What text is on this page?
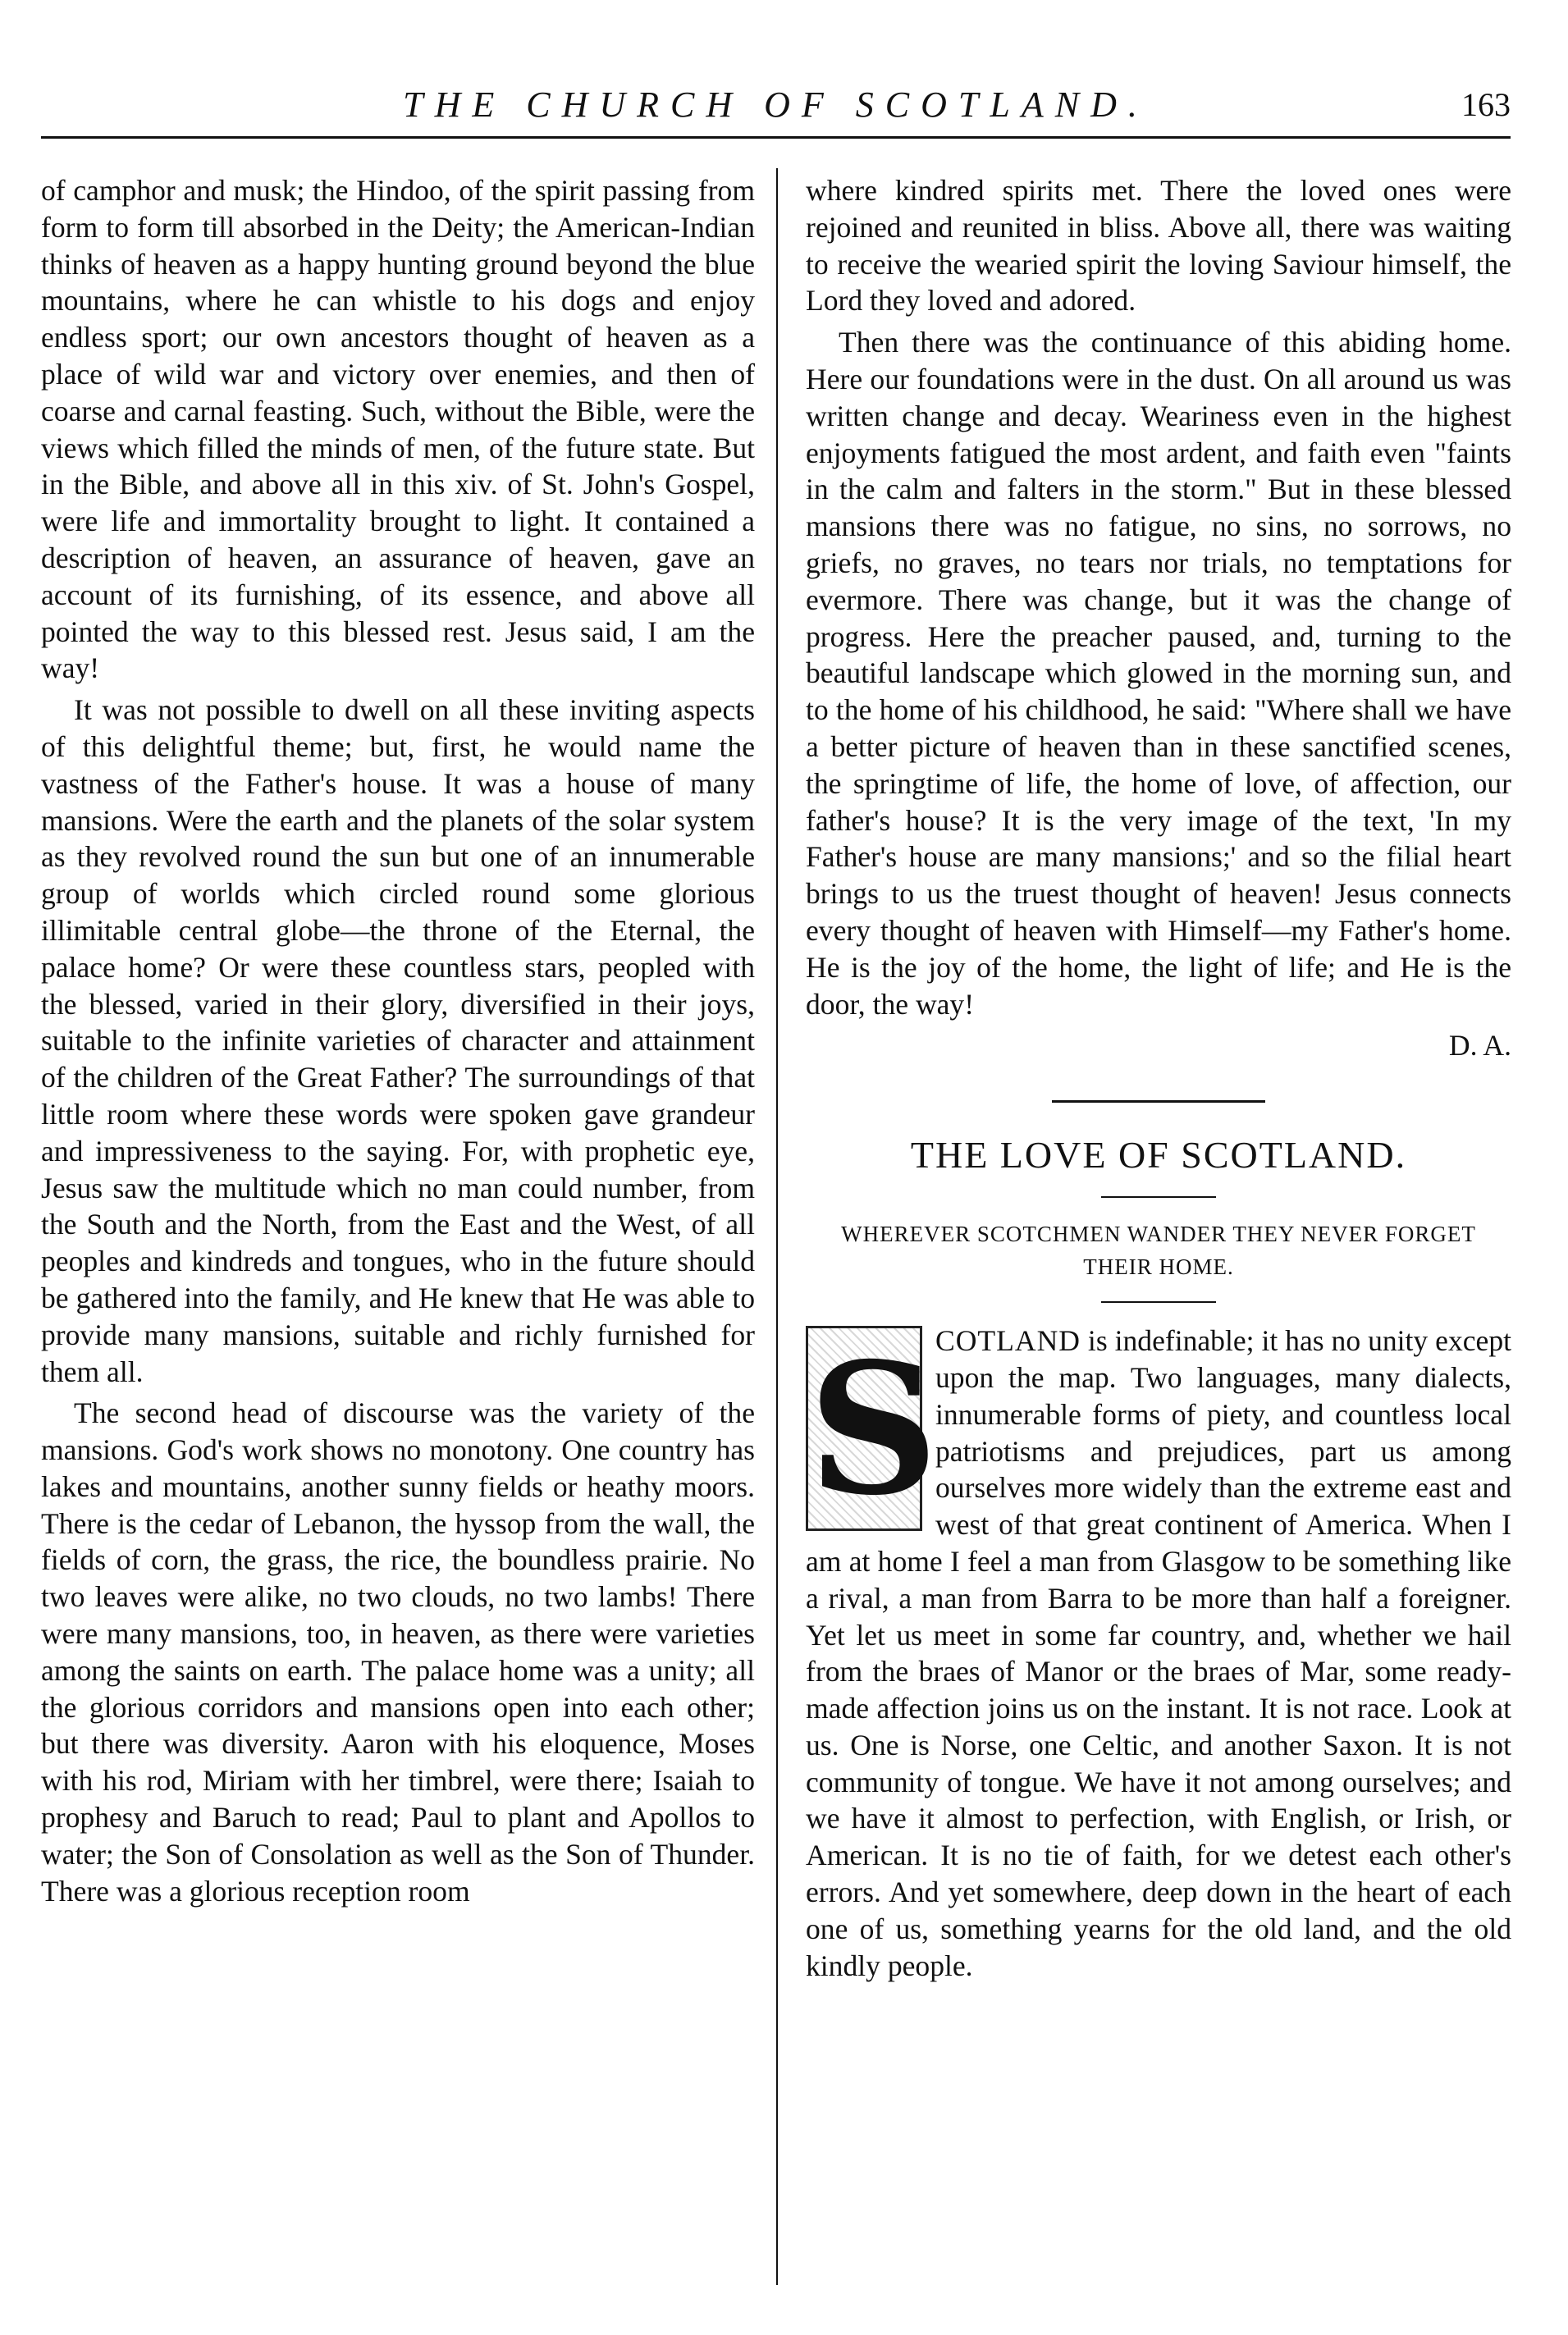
THE CHURCH OF SCOTLAND.	163

of camphor and musk; the Hindoo, of the spirit passing from form to form till absorbed in the Deity; the American-Indian thinks of heaven as a happy hunting ground beyond the blue mountains, where he can whistle to his dogs and enjoy endless sport; our own ancestors thought of heaven as a place of wild war and victory over enemies, and then of coarse and carnal feasting. Such, without the Bible, were the views which filled the minds of men, of the future state. But in the Bible, and above all in this xiv. of St. John's Gospel, were life and immortality brought to light. It contained a description of heaven, an assurance of heaven, gave an account of its furnishing, of its essence, and above all pointed the way to this blessed rest. Jesus said, I am the way!

It was not possible to dwell on all these inviting aspects of this delightful theme; but, first, he would name the vastness of the Father's house. It was a house of many mansions. Were the earth and the planets of the solar system as they revolved round the sun but one of an innumerable group of worlds which circled round some glorious illimitable central globe—the throne of the Eternal, the palace home? Or were these countless stars, peopled with the blessed, varied in their glory, diversified in their joys, suitable to the infinite varieties of character and attainment of the children of the Great Father? The surroundings of that little room where these words were spoken gave grandeur and impressiveness to the saying. For, with prophetic eye, Jesus saw the multitude which no man could number, from the South and the North, from the East and the West, of all peoples and kindreds and tongues, who in the future should be gathered into the family, and He knew that He was able to provide many mansions, suitable and richly furnished for them all.

The second head of discourse was the variety of the mansions. God's work shows no monotony. One country has lakes and mountains, another sunny fields or heathy moors. There is the cedar of Lebanon, the hyssop from the wall, the fields of corn, the grass, the rice, the boundless prairie. No two leaves were alike, no two clouds, no two lambs! There were many mansions, too, in heaven, as there were varieties among the saints on earth. The palace home was a unity; all the glorious corridors and mansions open into each other; but there was diversity. Aaron with his eloquence, Moses with his rod, Miriam with her timbrel, were there; Isaiah to prophesy and Baruch to read; Paul to plant and Apollos to water; the Son of Consolation as well as the Son of Thunder. There was a glorious reception room

where kindred spirits met. There the loved ones were rejoined and reunited in bliss. Above all, there was waiting to receive the wearied spirit the loving Saviour himself, the Lord they loved and adored.

Then there was the continuance of this abiding home. Here our foundations were in the dust. On all around us was written change and decay. Weariness even in the highest enjoyments fatigued the most ardent, and faith even "faints in the calm and falters in the storm." But in these blessed mansions there was no fatigue, no sins, no sorrows, no griefs, no graves, no tears nor trials, no temptations for evermore. There was change, but it was the change of progress. Here the preacher paused, and, turning to the beautiful landscape which glowed in the morning sun, and to the home of his childhood, he said: "Where shall we have a better picture of heaven than in these sanctified scenes, the springtime of life, the home of love, of affection, our father's house? It is the very image of the text, 'In my Father's house are many mansions;' and so the filial heart brings to us the truest thought of heaven! Jesus connects every thought of heaven with Himself—my Father's home. He is the joy of the home, the light of life; and He is the door, the way!

D. A.

THE LOVE OF SCOTLAND.

WHEREVER SCOTCHMEN WANDER THEY NEVER FORGET THEIR HOME.

S

COTLAND is indefinable; it has no unity except upon the map. Two languages, many dialects, innumerable forms of piety, and countless local patriotisms and prejudices, part us among ourselves more widely than the extreme east and west of that great continent of America. When I am at home I feel a man from Glasgow to be something like a rival, a man from Barra to be more than half a foreigner. Yet let us meet in some far country, and, whether we hail from the braes of Manor or the braes of Mar, some ready-made affection joins us on the instant. It is not race. Look at us. One is Norse, one Celtic, and another Saxon. It is not community of tongue. We have it not among ourselves; and we have it almost to perfection, with English, or Irish, or American. It is no tie of faith, for we detest each other's errors. And yet somewhere, deep down in the heart of each one of us, something yearns for the old land, and the old kindly people.
